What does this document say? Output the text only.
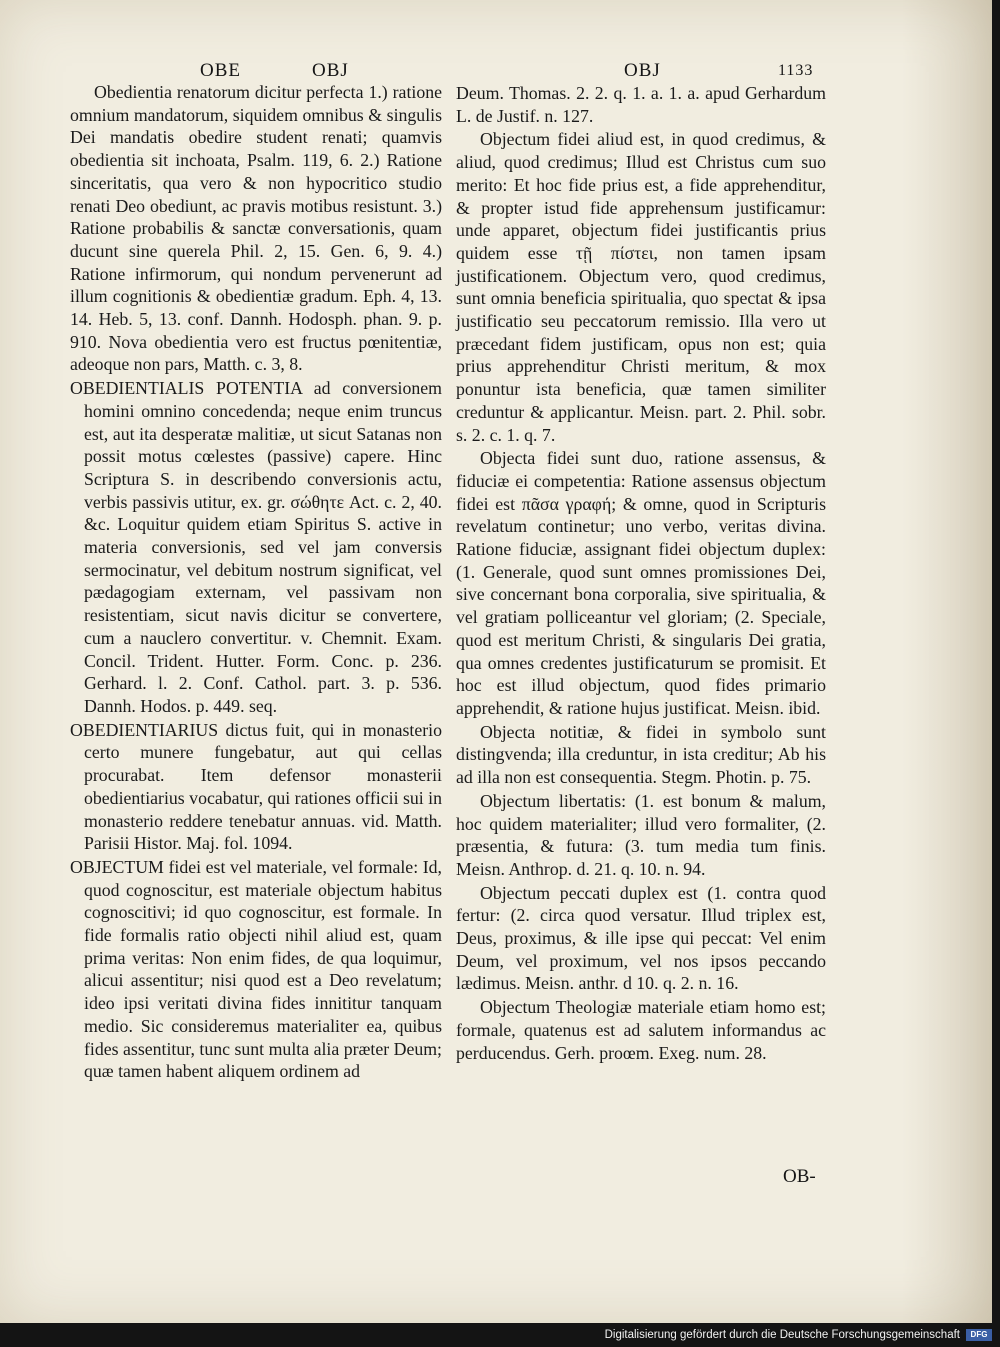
OBE	OBJ	OBJ	1133

Obedientia renatorum dicitur perfecta 1.) ratione omnium mandatorum, siquidem omnibus & singulis Dei mandatis obedire student renati; quamvis obedientia sit inchoata, Psalm. 119, 6. 2.) Ratione sinceritatis, qua vero & non hypocritico studio renati Deo obediunt, ac pravis motibus resistunt. 3.) Ratione probabilis & sanctæ conversationis, quam ducunt sine querela Phil. 2, 15. Gen. 6, 9. 4.) Ratione infirmorum, qui nondum pervenerunt ad illum cognitionis & obedientiæ gradum. Eph. 4, 13. 14. Heb. 5, 13. conf. Dannh. Hodosph. phan. 9. p. 910. Nova obedientia vero est fructus pœnitentiæ, adeoque non pars, Matth. c. 3, 8.

OBEDIENTIALIS POTENTIA ad conversionem homini omnino concedenda; neque enim truncus est, aut ita desperatæ malitiæ, ut sicut Satanas non possit motus cœlestes (passive) capere. Hinc Scriptura S. in describendo conversionis actu, verbis passivis utitur, ex. gr. σώθητε Act. c. 2, 40. &c. Loquitur quidem etiam Spiritus S. active in materia conversionis, sed vel jam conversis sermocinatur, vel debitum nostrum significat, vel pædagogiam externam, vel passivam non resistentiam, sicut navis dicitur se convertere, cum a nauclero convertitur. v. Chemnit. Exam. Concil. Trident. Hutter. Form. Conc. p. 236. Gerhard. l. 2. Conf. Cathol. part. 3. p. 536. Dannh. Hodos. p. 449. seq.

OBEDIENTIARIUS dictus fuit, qui in monasterio certo munere fungebatur, aut qui cellas procurabat. Item defensor monasterii obedientiarius vocabatur, qui rationes officii sui in monasterio reddere tenebatur annuas. vid. Matth. Parisii Histor. Maj. fol. 1094.

OBJECTUM fidei est vel materiale, vel formale: Id, quod cognoscitur, est materiale objectum habitus cognoscitivi; id quo cognoscitur, est formale. In fide formalis ratio objecti nihil aliud est, quam prima veritas: Non enim fides, de qua loquimur, alicui assentitur; nisi quod est a Deo revelatum; ideo ipsi veritati divina fides innititur tanquam medio. Sic consideremus materialiter ea, quibus fides assentitur, tunc sunt multa alia præter Deum; quæ tamen habent aliquem ordinem ad

Deum. Thomas. 2. 2. q. 1. a. 1. a. apud Gerhardum L. de Justif. n. 127.

Objectum fidei aliud est, in quod credimus, & aliud, quod credimus; Illud est Christus cum suo merito: Et hoc fide prius est, a fide apprehenditur, & propter istud fide apprehensum justificamur: unde apparet, objectum fidei justificantis prius quidem esse τῇ πίστει, non tamen ipsam justificationem. Objectum vero, quod credimus, sunt omnia beneficia spiritualia, quo spectat & ipsa justificatio seu peccatorum remissio. Illa vero ut præcedant fidem justificam, opus non est; quia prius apprehenditur Christi meritum, & mox ponuntur ista beneficia, quæ tamen similiter creduntur & applicantur. Meisn. part. 2. Phil. sobr. s. 2. c. 1. q. 7.

Objecta fidei sunt duo, ratione assensus, & fiduciæ ei competentia: Ratione assensus objectum fidei est πᾶσα γραφή; & omne, quod in Scripturis revelatum continetur; uno verbo, veritas divina. Ratione fiduciæ, assignant fidei objectum duplex: (1. Generale, quod sunt omnes promissiones Dei, sive concernant bona corporalia, sive spiritualia, & vel gratiam polliceantur vel gloriam; (2. Speciale, quod est meritum Christi, & singularis Dei gratia, qua omnes credentes justificaturum se promisit. Et hoc est illud objectum, quod fides primario apprehendit, & ratione hujus justificat. Meisn. ibid.

Objecta notitiæ, & fidei in symbolo sunt distingvenda; illa creduntur, in ista creditur; Ab his ad illa non est consequentia. Stegm. Photin. p. 75.

Objectum libertatis: (1. est bonum & malum, hoc quidem materialiter; illud vero formaliter, (2. præsentia, & futura: (3. tum media tum finis. Meisn. Anthrop. d. 21. q. 10. n. 94.

Objectum peccati duplex est (1. contra quod fertur: (2. circa quod versatur. Illud triplex est, Deus, proximus, & ille ipse qui peccat: Vel enim Deum, vel proximum, vel nos ipsos peccando lædimus. Meisn. anthr. d 10. q. 2. n. 16.

Objectum Theologiæ materiale etiam homo est; formale, quatenus est ad salutem informandus ac perducendus. Gerh. proœm. Exeg. num. 28.

OB-
Digitalisierung gefördert durch die Deutsche Forschungsgemeinschaft	DFG
